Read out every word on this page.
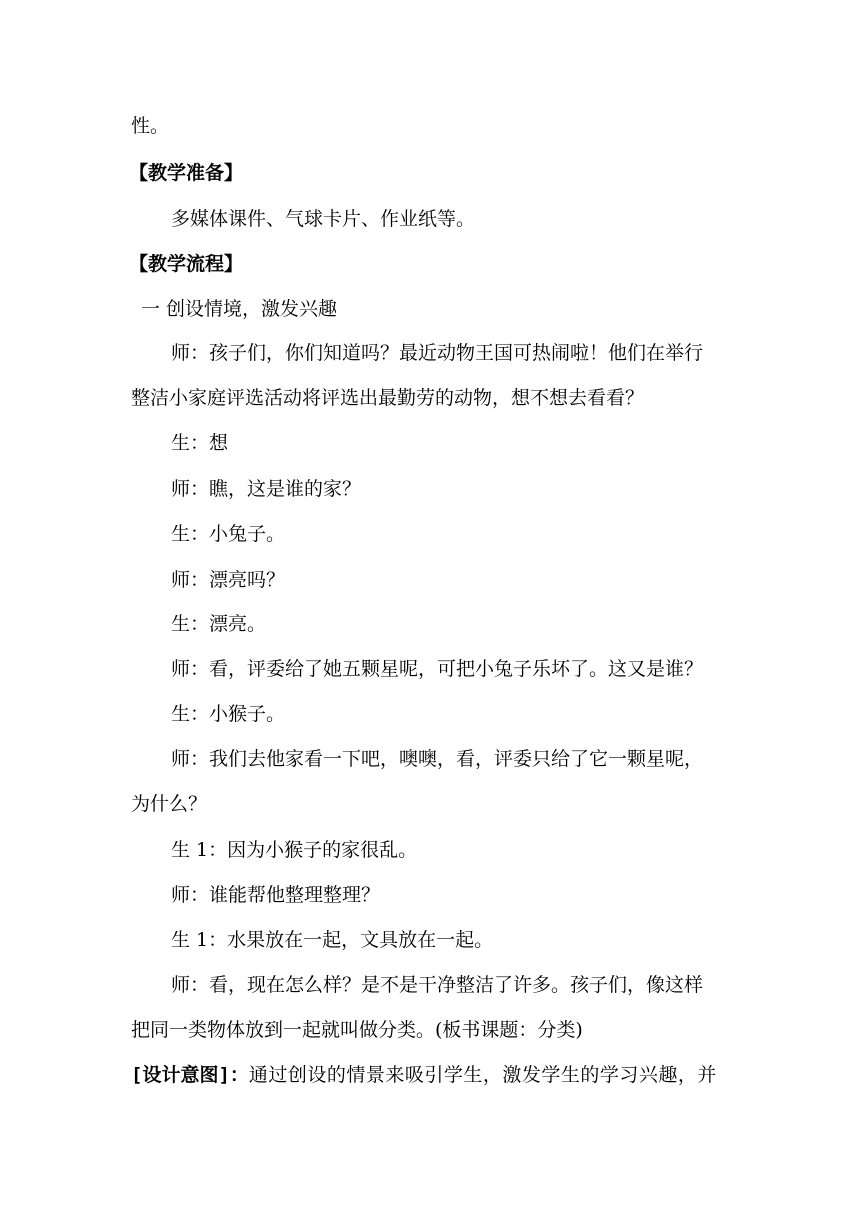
性。
【教学准备】
多媒体课件、气球卡片、作业纸等。
【教学流程】
一 创设情境，激发兴趣
师：孩子们，你们知道吗？最近动物王国可热闹啦！他们在举行
整洁小家庭评选活动将评选出最勤劳的动物，想不想去看看？
生：想
师：瞧，这是谁的家？
生：小兔子。
师：漂亮吗？
生：漂亮。
师：看，评委给了她五颗星呢，可把小兔子乐坏了。这又是谁？
生：小猴子。
师：我们去他家看一下吧，噢噢，看，评委只给了它一颗星呢，
为什么？
生 1：因为小猴子的家很乱。
师：谁能帮他整理整理？
生 1：水果放在一起，文具放在一起。
师：看，现在怎么样？是不是干净整洁了许多。孩子们，像这样
把同一类物体放到一起就叫做分类。(板书课题：分类)
[设计意图]：通过创设的情景来吸引学生，激发学生的学习兴趣，并
